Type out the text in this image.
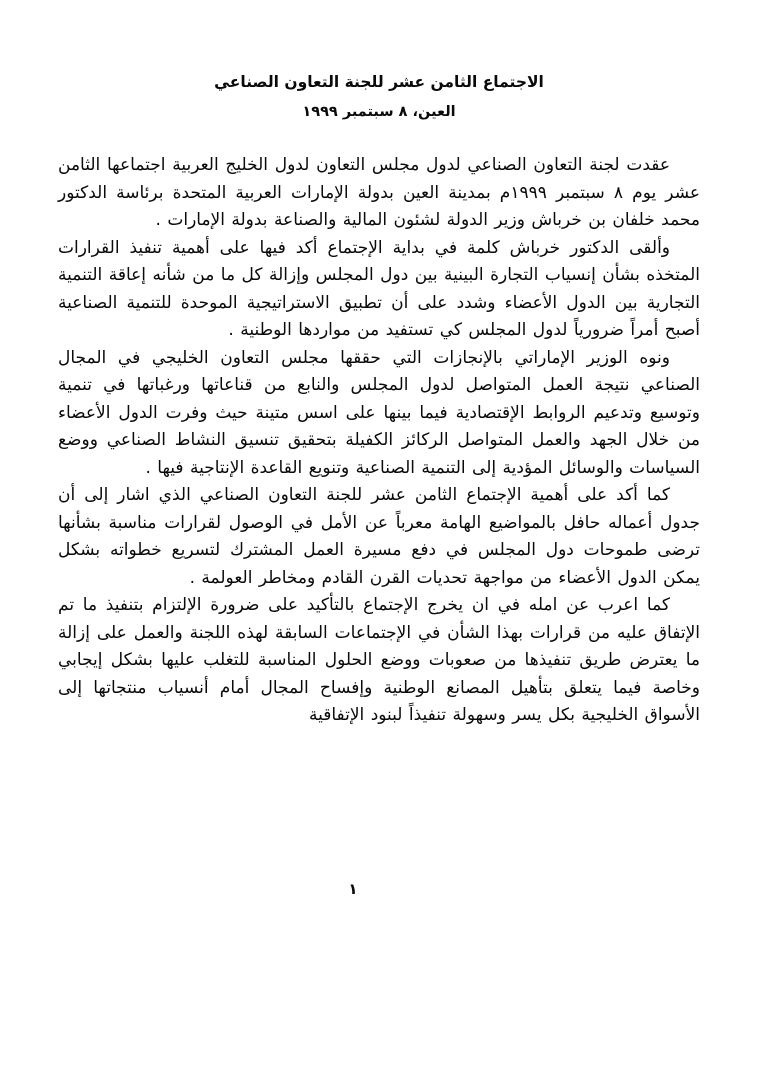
الاجتماع الثامن عشر للجنة التعاون الصناعي
العين، ٨ سبتمبر ١٩٩٩

عقدت لجنة التعاون الصناعي لدول مجلس التعاون لدول الخليج العربية اجتماعها الثامن عشر يوم ٨ سبتمبر ١٩٩٩م بمدينة العين بدولة الإمارات العربية المتحدة برئاسة الدكتور محمد خلفان بن خرباش وزير الدولة لشئون المالية والصناعة بدولة الإمارات .

وألقى الدكتور خرباش كلمة في بداية الإجتماع أكد فيها على أهمية تنفيذ القرارات المتخذه بشأن إنسياب التجارة البينية بين دول المجلس وإزالة كل ما من شأنه إعاقة التنمية التجارية بين الدول الأعضاء وشدد على أن تطبيق الاستراتيجية الموحدة للتنمية الصناعية أصبح أمراً ضرورياً لدول المجلس كي تستفيد من مواردها الوطنية .

ونوه الوزير الإماراتي بالإنجازات التي حققها مجلس التعاون الخليجي في المجال الصناعي نتيجة العمل المتواصل لدول المجلس والنابع من قناعاتها ورغباتها في تنمية وتوسيع وتدعيم الروابط الإقتصادية فيما بينها على اسس متينة حيث وفرت الدول الأعضاء من خلال الجهد والعمل المتواصل الركائز الكفيلة بتحقيق تنسيق النشاط الصناعي ووضع السياسات والوسائل المؤدية إلى التنمية الصناعية وتنويع القاعدة الإنتاجية فيها .

كما أكد على أهمية الإجتماع الثامن عشر للجنة التعاون الصناعي الذي اشار إلى أن جدول أعماله حافل بالمواضيع الهامة معرباً عن الأمل في الوصول لقرارات مناسبة بشأنها ترضى طموحات دول المجلس في دفع مسيرة العمل المشترك لتسريع خطواته بشكل يمكن الدول الأعضاء من مواجهة تحديات القرن القادم ومخاطر العولمة .

كما اعرب عن امله في ان يخرج الإجتماع بالتأكيد على ضرورة الإلتزام بتنفيذ ما تم الإتفاق عليه من قرارات بهذا الشأن في الإجتماعات السابقة لهذه اللجنة والعمل على إزالة ما يعترض طريق تنفيذها من صعوبات ووضع الحلول المناسبة للتغلب عليها بشكل إيجابي وخاصة فيما يتعلق بتأهيل المصانع الوطنية وإفساح المجال أمام أنسياب منتجاتها إلى الأسواق الخليجية بكل يسر وسهولة تنفيذاً لبنود الإتفاقية

١
